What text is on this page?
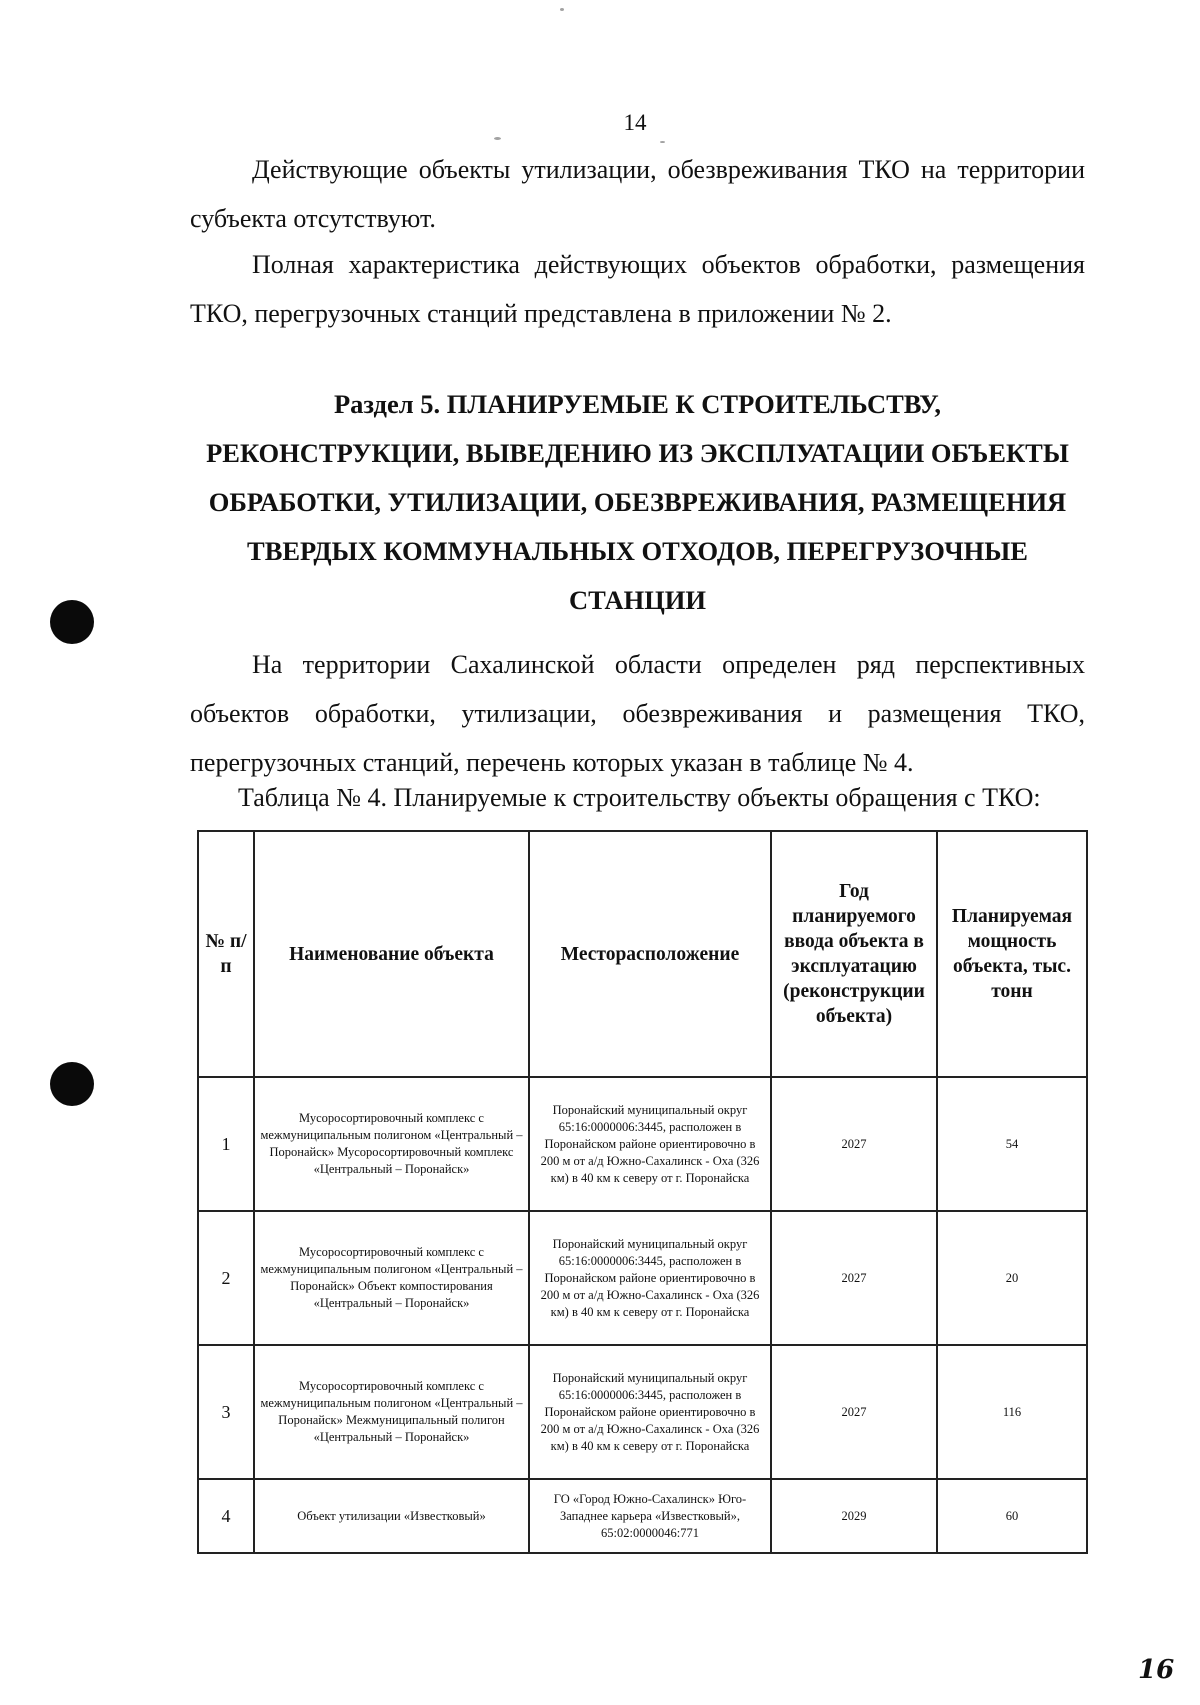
14

Действующие объекты утилизации, обезвреживания ТКО на территории субъекта отсутствуют.

Полная характеристика действующих объектов обработки, размещения ТКО, перегрузочных станций представлена в приложении № 2.

Раздел 5. ПЛАНИРУЕМЫЕ К СТРОИТЕЛЬСТВУ,
РЕКОНСТРУКЦИИ, ВЫВЕДЕНИЮ ИЗ ЭКСПЛУАТАЦИИ ОБЪЕКТЫ
ОБРАБОТКИ, УТИЛИЗАЦИИ, ОБЕЗВРЕЖИВАНИЯ, РАЗМЕЩЕНИЯ
ТВЕРДЫХ КОММУНАЛЬНЫХ ОТХОДОВ, ПЕРЕГРУЗОЧНЫЕ
СТАНЦИИ

На территории Сахалинской области определен ряд перспективных объектов обработки, утилизации, обезвреживания и размещения ТКО, перегрузочных станций, перечень которых указан в таблице № 4.

Таблица № 4. Планируемые к строительству объекты обращения с ТКО:
№ п/п	Наименование объекта	Месторасположение	Год планируемого ввода объекта в эксплуатацию (реконструкции объекта)	Планируемая мощность объекта, тыс. тонн
1	Мусоросортировочный комплекс с межмуниципальным полигоном «Центральный – Поронайск» Мусоросортировочный комплекс «Центральный – Поронайск»	Поронайский муниципальный округ 65:16:0000006:3445, расположен в Поронайском районе ориентировочно в 200 м от а/д Южно-Сахалинск - Оха (326 км) в 40 км к северу от г. Поронайска	2027	54
2	Мусоросортировочный комплекс с межмуниципальным полигоном «Центральный – Поронайск» Объект компостирования «Центральный – Поронайск»	Поронайский муниципальный округ 65:16:0000006:3445, расположен в Поронайском районе ориентировочно в 200 м от а/д Южно-Сахалинск - Оха (326 км) в 40 км к северу от г. Поронайска	2027	20
3	Мусоросортировочный комплекс с межмуниципальным полигоном «Центральный – Поронайск» Межмуниципальный полигон «Центральный – Поронайск»	Поронайский муниципальный округ 65:16:0000006:3445, расположен в Поронайском районе ориентировочно в 200 м от а/д Южно-Сахалинск - Оха (326 км) в 40 км к северу от г. Поронайска	2027	116
4	Объект утилизации «Известковый»	ГО «Город Южно-Сахалинск» Юго-Западнее карьера «Известковый», 65:02:0000046:771	2029	60
16
